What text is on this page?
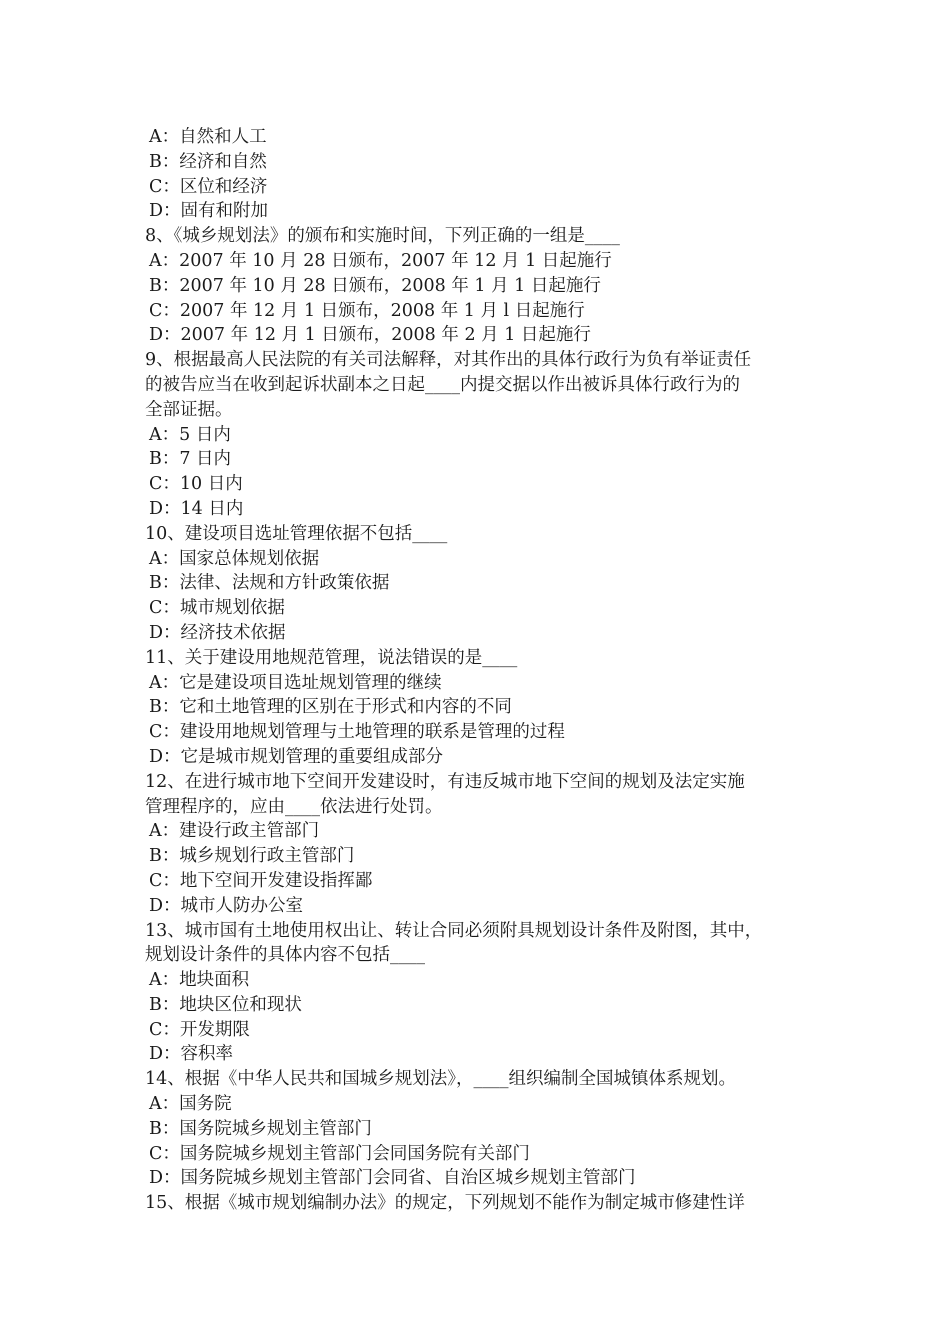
A：自然和人工
B：经济和自然
C：区位和经济
D：固有和附加
8、《城乡规划法》的颁布和实施时间，下列正确的一组是____
A：2007 年 10 月 28 日颁布，2007 年 12 月 1 日起施行
B：2007 年 10 月 28 日颁布，2008 年 1 月 1 日起施行
C：2007 年 12 月 1 日颁布，2008 年 1 月 l 日起施行
D：2007 年 12 月 1 日颁布，2008 年 2 月 1 日起施行
9、根据最高人民法院的有关司法解释，对其作出的具体行政行为负有举证责任
的被告应当在收到起诉状副本之日起____内提交据以作出被诉具体行政行为的
全部证据。
A：5 日内
B：7 日内
C：10 日内
D：14 日内
10、建设项目选址管理依据不包括____
A：国家总体规划依据
B：法律、法规和方针政策依据
C：城市规划依据
D：经济技术依据
11、关于建设用地规范管理，说法错误的是____
A：它是建设项目选址规划管理的继续
B：它和土地管理的区别在于形式和内容的不同
C：建设用地规划管理与土地管理的联系是管理的过程
D：它是城市规划管理的重要组成部分
12、在进行城市地下空间开发建设时，有违反城市地下空间的规划及法定实施
管理程序的，应由____依法进行处罚。
A：建设行政主管部门
B：城乡规划行政主管部门
C：地下空间开发建设指挥鄙
D：城市人防办公室
13、城市国有土地使用权出让、转让合同必须附具规划设计条件及附图，其中，
规划设计条件的具体内容不包括____
A：地块面积
B：地块区位和现状
C：开发期限
D：容积率
14、根据《中华人民共和国城乡规划法》，____组织编制全国城镇体系规划。
A：国务院
B：国务院城乡规划主管部门
C：国务院城乡规划主管部门会同国务院有关部门
D：国务院城乡规划主管部门会同省、自治区城乡规划主管部门
15、根据《城市规划编制办法》的规定，下列规划不能作为制定城市修建性详
